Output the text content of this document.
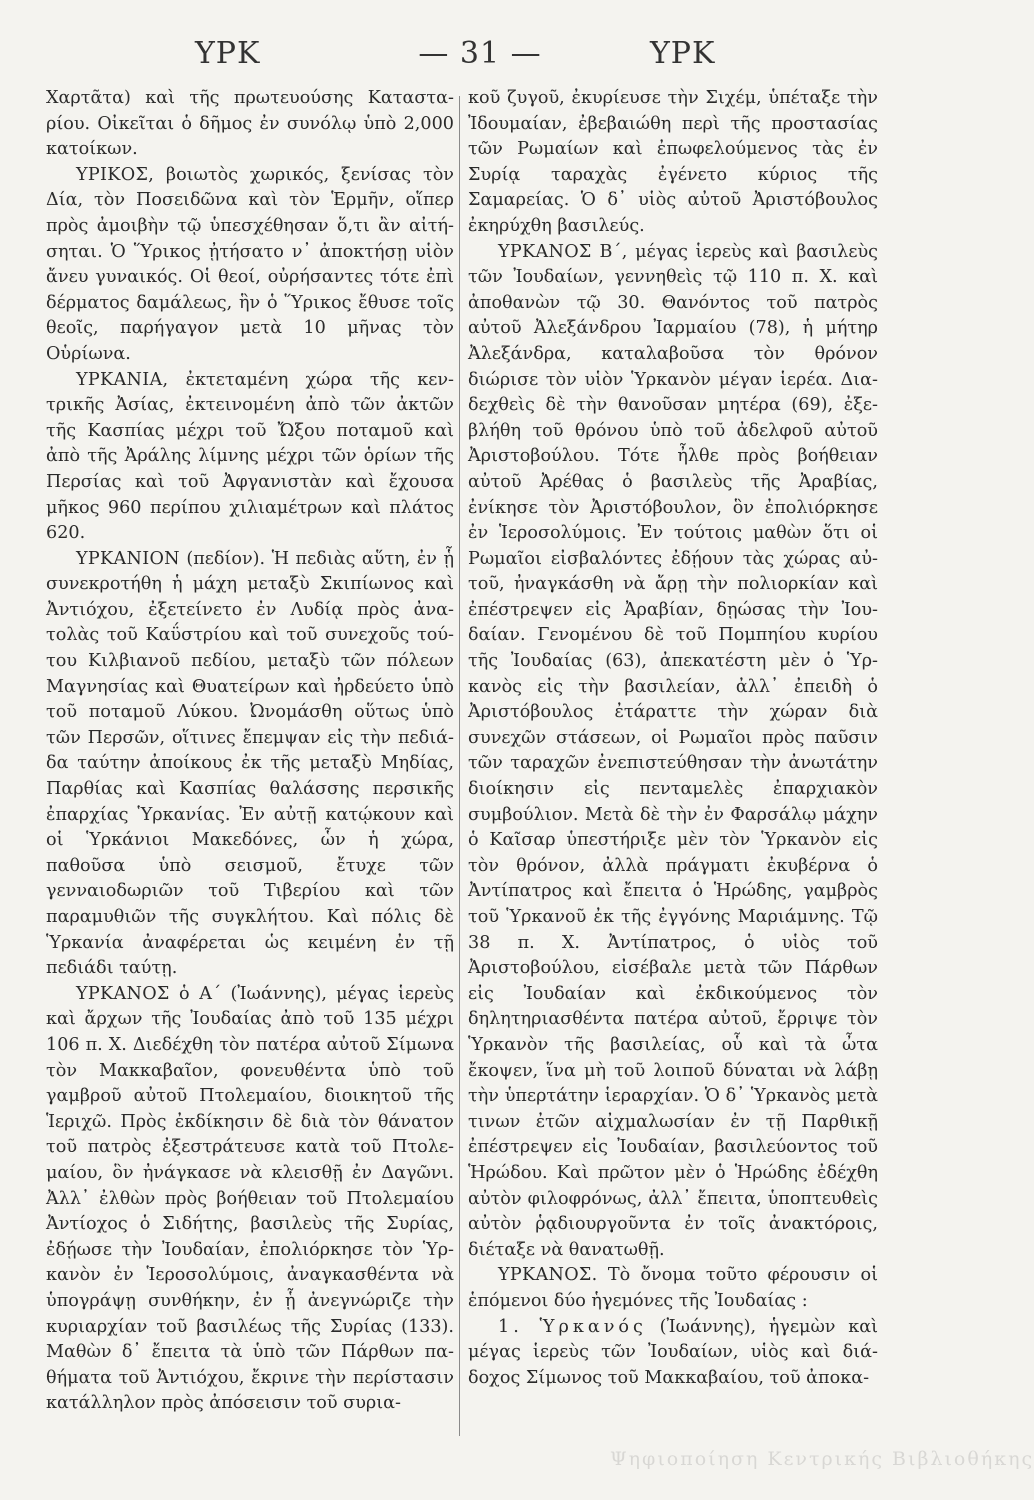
ΥΡΚ	— 31 —	ΥΡΚ

Χαρτᾶτα) καὶ τῆς πρωτευούσης Κατασταρίου. Οἰκεῖται ὁ δῆμος ἐν συνόλῳ ὑπὸ 2,000 κατοίκων.

ΥΡΙΚΟΣ, βοιωτὸς χωρικός, ξενίσας τὸν Δία, τὸν Ποσειδῶνα καὶ τὸν Ἑρμῆν, οἵπερ πρὸς ἀμοιβὴν τῷ ὑπεσχέθησαν ὅ,τι ἂν αἰτήσηται. Ὁ Ὕρικος ᾐτήσατο ν᾽ ἀποκτήσῃ υἱὸν ἄνευ γυναικός. Οἱ θεοί, οὐρήσαντες τότε ἐπὶ δέρματος δαμάλεως, ἣν ὁ Ὕρικος ἔθυσε τοῖς θεοῖς, παρήγαγον μετὰ 10 μῆνας τὸν Οὑρίωνα.

ΥΡΚΑΝΙΑ, ἐκτεταμένη χώρα τῆς κεντρικῆς Ἀσίας, ἐκτεινομένη ἀπὸ τῶν ἀκτῶν τῆς Κασπίας μέχρι τοῦ Ὤξου ποταμοῦ καὶ ἀπὸ τῆς Ἀράλης λίμνης μέχρι τῶν ὁρίων τῆς Περσίας καὶ τοῦ Ἀφγανιστὰν καὶ ἔχουσα μῆκος 960 περίπου χιλιαμέτρων καὶ πλάτος 620.

ΥΡΚΑΝΙΟΝ (πεδίον). Ἡ πεδιὰς αὕτη, ἐν ᾗ συνεκροτήθη ἡ μάχη μεταξὺ Σκιπίωνος καὶ Ἀντιόχου, ἐξετείνετο ἐν Λυδίᾳ πρὸς ἀνατολὰς τοῦ Καΰστρίου καὶ τοῦ συνεχοῦς τούτου Κιλβιανοῦ πεδίου, μεταξὺ τῶν πόλεων Μαγνησίας καὶ Θυατείρων καὶ ἠρδεύετο ὑπὸ τοῦ ποταμοῦ Λύκου. Ὠνομάσθη οὕτως ὑπὸ τῶν Περσῶν, οἵτινες ἔπεμψαν εἰς τὴν πεδιάδα ταύτην ἀποίκους ἐκ τῆς μεταξὺ Μηδίας, Παρθίας καὶ Κασπίας θαλάσσης περσικῆς ἐπαρχίας Ὑρκανίας. Ἐν αὐτῇ κατῴκουν καὶ οἱ Ὑρκάνιοι Μακεδόνες, ὧν ἡ χώρα, παθοῦσα ὑπὸ σεισμοῦ, ἔτυχε τῶν γενναιοδωριῶν τοῦ Τιβερίου καὶ τῶν παραμυθιῶν τῆς συγκλήτου. Καὶ πόλις δὲ Ὑρκανία ἀναφέρεται ὡς κειμένη ἐν τῇ πεδιάδι ταύτῃ.

ΥΡΚΑΝΟΣ ὁ Α´ (Ἰωάννης), μέγας ἱερεὺς καὶ ἄρχων τῆς Ἰουδαίας ἀπὸ τοῦ 135 μέχρι 106 π. Χ. Διεδέχθη τὸν πατέρα αὐτοῦ Σίμωνα τὸν Μακκαβαῖον, φονευθέντα ὑπὸ τοῦ γαμβροῦ αὐτοῦ Πτολεμαίου, διοικητοῦ τῆς Ἱεριχῶ. Πρὸς ἐκδίκησιν δὲ διὰ τὸν θάνατον τοῦ πατρὸς ἐξεστράτευσε κατὰ τοῦ Πτολεμαίου, ὃν ἠνάγκασε νὰ κλεισθῇ ἐν Δαγῶνι. Ἀλλ᾽ ἐλθὼν πρὸς βοήθειαν τοῦ Πτολεμαίου Ἀντίοχος ὁ Σιδήτης, βασιλεὺς τῆς Συρίας, ἐδῄωσε τὴν Ἰουδαίαν, ἐπολιόρκησε τὸν Ὑρκανὸν ἐν Ἱεροσολύμοις, ἀναγκασθέντα νὰ ὑπογράψῃ συνθήκην, ἐν ᾗ ἀνεγνώριζε τὴν κυριαρχίαν τοῦ βασιλέως τῆς Συρίας (133). Μαθὼν δ᾽ ἔπειτα τὰ ὑπὸ τῶν Πάρθων παθήματα τοῦ Ἀντιόχου, ἔκρινε τὴν περίστασιν κατάλληλον πρὸς ἀπόσεισιν τοῦ συρια-

κοῦ ζυγοῦ, ἐκυρίευσε τὴν Σιχέμ, ὑπέταξε τὴν Ἰδουμαίαν, ἐβεβαιώθη περὶ τῆς προστασίας τῶν Ρωμαίων καὶ ἐπωφελούμενος τὰς ἐν Συρίᾳ ταραχὰς ἐγένετο κύριος τῆς Σαμαρείας. Ὁ δ᾽ υἱὸς αὐτοῦ Ἀριστόβουλος ἐκηρύχθη βασιλεύς.

ΥΡΚΑΝΟΣ Β´, μέγας ἱερεὺς καὶ βασιλεὺς τῶν Ἰουδαίων, γεννηθεὶς τῷ 110 π. Χ. καὶ ἀποθανὼν τῷ 30. Θανόντος τοῦ πατρὸς αὐτοῦ Ἀλεξάνδρου Ἰαρμαίου (78), ἡ μήτηρ Ἀλεξάνδρα, καταλαβοῦσα τὸν θρόνον διώρισε τὸν υἱὸν Ὑρκανὸν μέγαν ἱερέα. Διαδεχθεὶς δὲ τὴν θανοῦσαν μητέρα (69), ἐξεβλήθη τοῦ θρόνου ὑπὸ τοῦ ἀδελφοῦ αὐτοῦ Ἀριστοβούλου. Τότε ἦλθε πρὸς βοήθειαν αὐτοῦ Ἀρέθας ὁ βασιλεὺς τῆς Ἀραβίας, ἐνίκησε τὸν Ἀριστόβουλον, ὃν ἐπολιόρκησε ἐν Ἱεροσολύμοις. Ἐν τούτοις μαθὼν ὅτι οἱ Ρωμαῖοι εἰσβαλόντες ἐδῄουν τὰς χώρας αὐτοῦ, ἠναγκάσθη νὰ ἄρῃ τὴν πολιορκίαν καὶ ἐπέστρεψεν εἰς Ἀραβίαν, δῃώσας τὴν Ἰουδαίαν. Γενομένου δὲ τοῦ Πομπηίου κυρίου τῆς Ἰουδαίας (63), ἀπεκατέστη μὲν ὁ Ὑρκανὸς εἰς τὴν βασιλείαν, ἀλλ᾽ ἐπειδὴ ὁ Ἀριστόβουλος ἐτάραττε τὴν χώραν διὰ συνεχῶν στάσεων, οἱ Ρωμαῖοι πρὸς παῦσιν τῶν ταραχῶν ἐνεπιστεύθησαν τὴν ἀνωτάτην διοίκησιν εἰς πενταμελὲς ἐπαρχιακὸν συμβούλιον. Μετὰ δὲ τὴν ἐν Φαρσάλῳ μάχην ὁ Καῖσαρ ὑπεστήριξε μὲν τὸν Ὑρκανὸν εἰς τὸν θρόνον, ἀλλὰ πράγματι ἐκυβέρνα ὁ Ἀντίπατρος καὶ ἔπειτα ὁ Ἡρώδης, γαμβρὸς τοῦ Ὑρκανοῦ ἐκ τῆς ἐγγόνης Μαριάμνης. Τῷ 38 π. Χ. Ἀντίπατρος, ὁ υἱὸς τοῦ Ἀριστοβούλου, εἰσέβαλε μετὰ τῶν Πάρθων εἰς Ἰουδαίαν καὶ ἐκδικούμενος τὸν δηλητηριασθέντα πατέρα αὐτοῦ, ἔρριψε τὸν Ὑρκανὸν τῆς βασιλείας, οὗ καὶ τὰ ὦτα ἔκοψεν, ἵνα μὴ τοῦ λοιποῦ δύναται νὰ λάβῃ τὴν ὑπερτάτην ἱεραρχίαν. Ὁ δ᾽ Ὑρκανὸς μετὰ τινων ἐτῶν αἰχμαλωσίαν ἐν τῇ Παρθικῇ ἐπέστρεψεν εἰς Ἰουδαίαν, βασιλεύοντος τοῦ Ἡρώδου. Καὶ πρῶτον μὲν ὁ Ἡρώδης ἐδέχθη αὐτὸν φιλοφρόνως, ἀλλ᾽ ἔπειτα, ὑποπτευθεὶς αὐτὸν ῥᾳδιουργοῦντα ἐν τοῖς ἀνακτόροις, διέταξε νὰ θανατωθῇ.

ΥΡΚΑΝΟΣ. Τὸ ὄνομα τοῦτο φέρουσιν οἱ ἑπόμενοι δύο ἡγεμόνες τῆς Ἰουδαίας :

1. Ὑρκανός (Ἰωάννης), ἡγεμὼν καὶ μέγας ἱερεὺς τῶν Ἰουδαίων, υἱὸς καὶ διάδοχος Σίμωνος τοῦ Μακκαβαίου, τοῦ ἀποκα-

Ψηφιοποίηση Κεντρικής Βιβλιοθήκης
